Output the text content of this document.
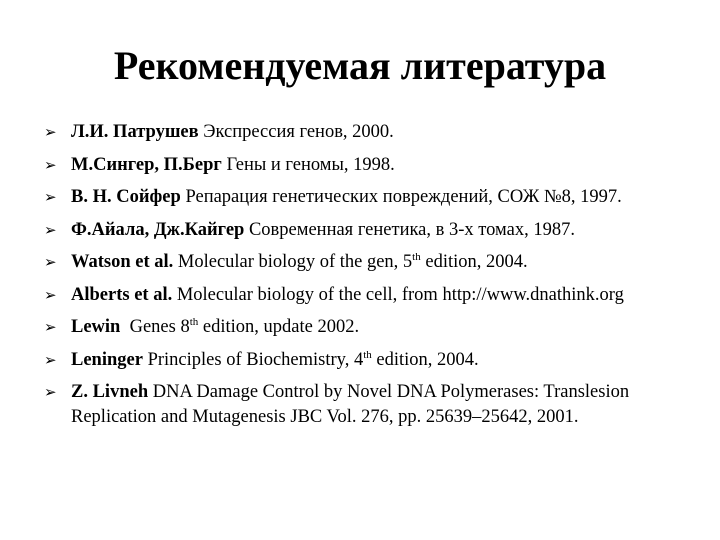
Рекомендуемая литература
➢ Л.И. Патрушев Экспрессия генов, 2000.
➢ М.Сингер, П.Берг Гены и геномы, 1998.
➢ В. Н. Сойфер Репарация генетических повреждений, СОЖ №8, 1997.
➢ Ф.Айала, Дж.Кайгер Современная генетика, в 3-х томах, 1987.
➢ Watson et al. Molecular biology of the gen, 5th edition, 2004.
➢ Alberts et al. Molecular biology of the cell, from http://www.dnathink.org
➢ Lewin  Genes 8th edition, update 2002.
➢ Leninger Principles of Biochemistry, 4th edition, 2004.
➢ Z. Livneh DNA Damage Control by Novel DNA Polymerases: Translesion Replication and Mutagenesis JBC Vol. 276, pp. 25639–25642, 2001.
